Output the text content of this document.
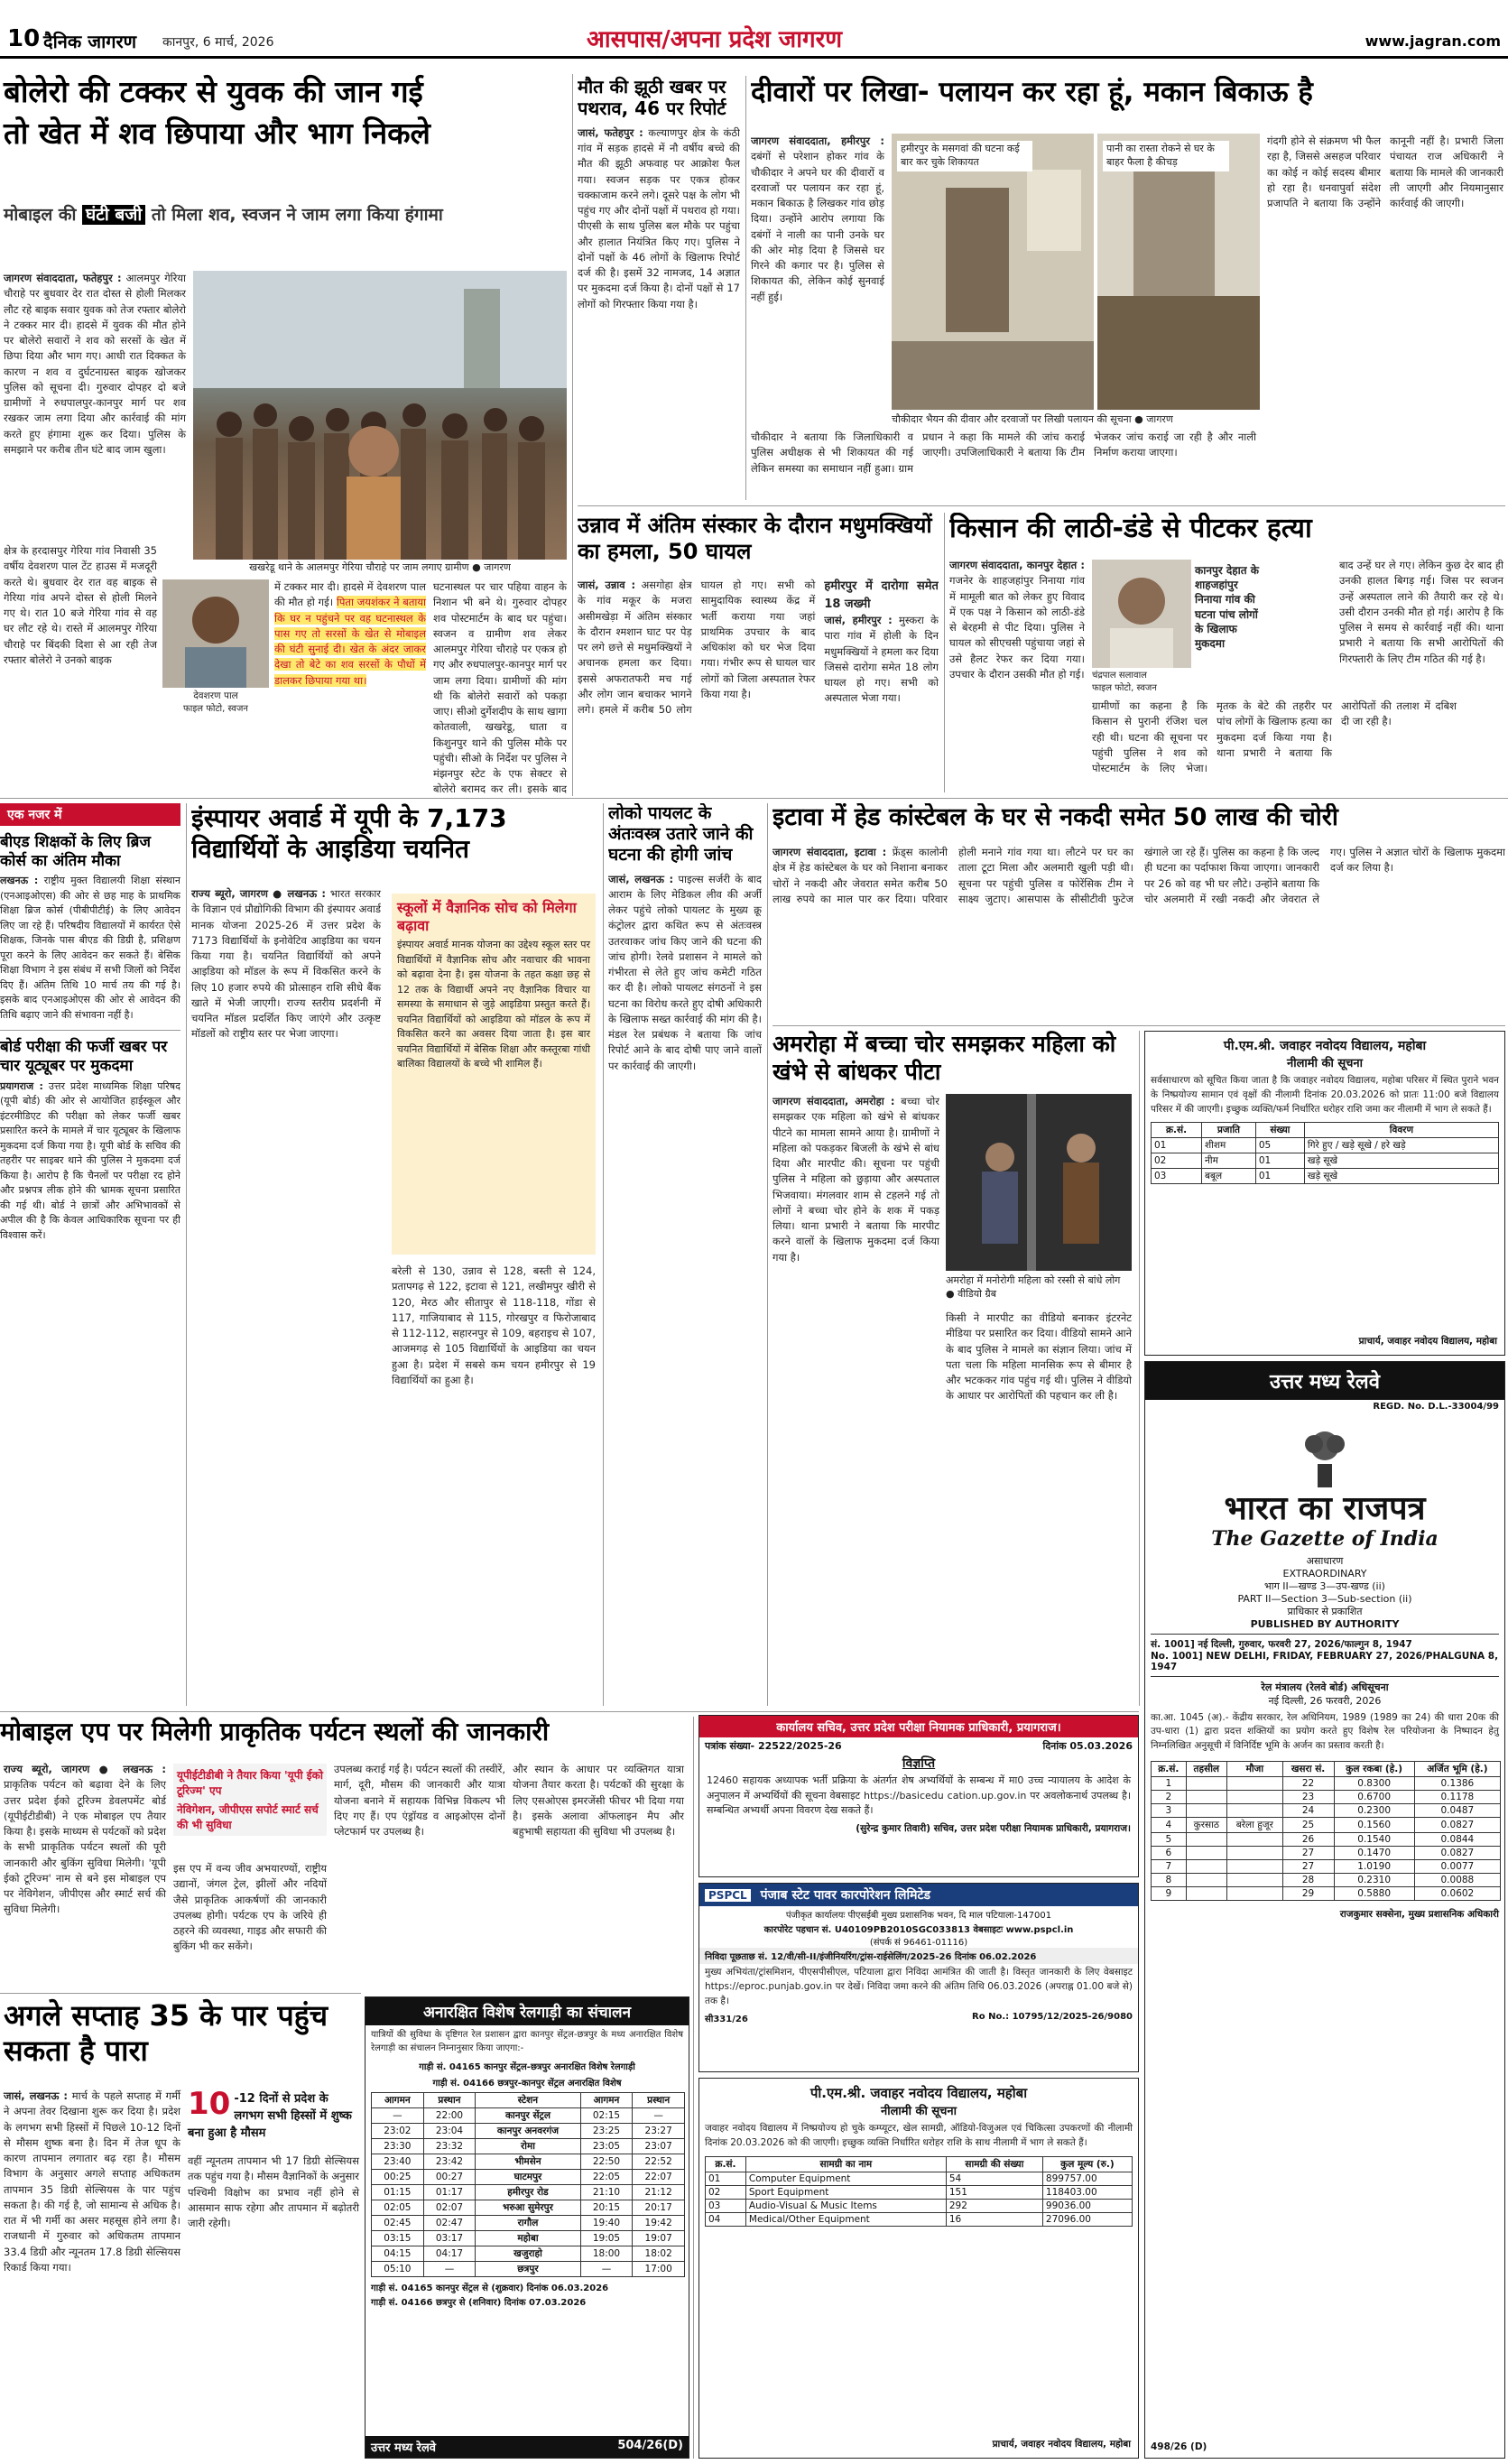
10 दैनिक जागरण कानपुर, 6 मार्च, 2026	आसपास/अपना प्रदेश जागरण	www.jagran.com
बोलेरो की टक्कर से युवक की जान गई
तो खेत में शव छिपाया और भाग निकले
मोबाइल की घंटी बजी तो मिला शव, स्वजन ने जाम लगा किया हंगामा
जागरण संवाददाता, फतेहपुर : आलमपुर गेरिया चौराहे पर बुधवार देर रात दोस्त से होली मिलकर लौट रहे बाइक सवार युवक को तेज रफ्तार बोलेरो ने टक्कर मार दी। हादसे में युवक की मौत होने पर बोलेरो सवारों ने शव को सरसों के खेत में छिपा दिया और भाग गए। आधी रात दिक्कत के कारण न शव व दुर्घटनाग्रस्त बाइक खोजकर पुलिस को सूचना दी। गुरुवार दोपहर दो बजे ग्रामीणों ने रुधपालपुर-कानपुर मार्ग पर शव रखकर जाम लगा दिया और कार्रवाई की मांग करते हुए हंगामा शुरू कर दिया। पुलिस के समझाने पर करीब तीन घंटे बाद जाम खुला।
खखरेडू थाने के आलमपुर गेरिया चौराहे पर जाम लगाए ग्रामीण ● जागरण
देवशरण पाल
फाइल फोटो, स्वजन
क्षेत्र के हरदासपुर गेरिया गांव निवासी 35 वर्षीय देवशरण पाल टेंट हाउस में मजदूरी करते थे। बुधवार देर रात वह बाइक से गेरिया गांव अपने दोस्त से होली मिलने गए थे। रात 10 बजे गेरिया गांव से वह घर लौट रहे थे। रास्ते में आलमपुर गेरिया चौराहे पर बिंदकी दिशा से आ रही तेज रफ्तार बोलेरो ने उनको बाइक
में टक्कर मार दी। हादसे में देवशरण पाल की मौत हो गई। पिता जयशंकर ने बताया कि घर न पहुंचने पर वह घटनास्थल के पास गए तो सरसों के खेत से मोबाइल की घंटी सुनाई दी। खेत के अंदर जाकर देखा तो बेटे का शव सरसों के पौधों में डालकर छिपाया गया था।
घटनास्थल पर चार पहिया वाहन के निशान भी बने थे। गुरुवार दोपहर शव पोस्टमार्टम के बाद घर पहुंचा। स्वजन व ग्रामीण शव लेकर आलमपुर गेरिया चौराहे पर एकत्र हो गए और रुधपालपुर-कानपुर मार्ग पर जाम लगा दिया। ग्रामीणों की मांग थी कि बोलेरो सवारों को पकड़ा जाए। सीओ दुर्गेशदीप के साथ खागा कोतवाली, खखरेडू, धाता व किशुनपुर थाने की पुलिस मौके पर पहुंची। सीओ के निर्देश पर पुलिस ने मंझनपुर स्टेट के एफ सेक्टर से बोलेरो बरामद कर ली। इसके बाद
मौत की झूठी खबर पर पथराव, 46 पर रिपोर्ट
जासं, फतेहपुर : कल्याणपुर क्षेत्र के कंठी गांव में सड़क हादसे में नौ वर्षीय बच्चे की मौत की झूठी अफवाह पर आक्रोश फैल गया। स्वजन सड़क पर एकत्र होकर चक्काजाम करने लगे। दूसरे पक्ष के लोग भी पहुंच गए और दोनों पक्षों में पथराव हो गया। पीएसी के साथ पुलिस बल मौके पर पहुंचा और हालात नियंत्रित किए गए। पुलिस ने दोनों पक्षों के 46 लोगों के खिलाफ रिपोर्ट दर्ज की है। इसमें 32 नामजद, 14 अज्ञात पर मुकदमा दर्ज किया है। दोनों पक्षों से 17 लोगों को गिरफ्तार किया गया है।
दीवारों पर लिखा- पलायन कर रहा हूं, मकान बिकाऊ है
जागरण संवाददाता, हमीरपुर : दबंगों से परेशान होकर गांव के चौकीदार ने अपने घर की दीवारों व दरवाजों पर पलायन कर रहा हूं, मकान बिकाऊ है लिखकर गांव छोड़ दिया। उन्होंने आरोप लगाया कि दबंगों ने नाली का पानी उनके घर की ओर मोड़ दिया है जिससे घर गिरने की कगार पर है। पुलिस से शिकायत की, लेकिन कोई सुनवाई नहीं हुई।
हमीरपुर के मसगवां की घटना कई बार कर चुके शिकायत
पानी का रास्ता रोकने से घर के बाहर फैला है कीचड़
चौकीदार भैयन की दीवार और दरवाजों पर लिखी पलायन की सूचना ● जागरण
चौकीदार ने बताया कि जिलाधिकारी व पुलिस अधीक्षक से भी शिकायत की गई लेकिन समस्या का समाधान नहीं हुआ। ग्राम प्रधान ने कहा कि मामले की जांच कराई जाएगी। उपजिलाधिकारी ने बताया कि टीम भेजकर जांच कराई जा रही है और नाली निर्माण कराया जाएगा।
गंदगी होने से संक्रमण भी फैल रहा है, जिससे असहज परिवार का कोई न कोई सदस्य बीमार हो रहा है। धनवापुर्वा संदेश प्रजापति ने बताया कि उन्होंने कानूनी नहीं है। प्रभारी जिला पंचायत राज अधिकारी ने बताया कि मामले की जानकारी ली जाएगी और नियमानुसार कार्रवाई की जाएगी।
उन्नाव में अंतिम संस्कार के दौरान मधुमक्खियों का हमला, 50 घायल
जासं, उन्नाव : असगोहा क्षेत्र के गांव मकूर के मजरा असीमखेड़ा में अंतिम संस्कार के दौरान श्मशान घाट पर पेड़ पर लगे छत्ते से मधुमक्खियों ने अचानक हमला कर दिया। इससे अफरातफरी मच गई और लोग जान बचाकर भागने लगे। हमले में करीब 50 लोग घायल हो गए। सभी को सामुदायिक स्वास्थ्य केंद्र में भर्ती कराया गया जहां प्राथमिक उपचार के बाद अधिकांश को घर भेज दिया गया। गंभीर रूप से घायल चार लोगों को जिला अस्पताल रेफर किया गया है।
हमीरपुर में दारोगा समेत 18 जख्मी
जासं, हमीरपुर : मुस्करा के पारा गांव में होली के दिन मधुमक्खियों ने हमला कर दिया जिससे दारोगा समेत 18 लोग घायल हो गए। सभी को अस्पताल भेजा गया।
किसान की लाठी-डंडे से पीटकर हत्या
जागरण संवाददाता, कानपुर देहात : गजनेर के शाहजहांपुर निनाया गांव में मामूली बात को लेकर हुए विवाद में एक पक्ष ने किसान को लाठी-डंडे से बेरहमी से पीट दिया। पुलिस ने घायल को सीएचसी पहुंचाया जहां से उसे हैलट रेफर कर दिया गया। उपचार के दौरान उसकी मौत हो गई। चंद्रपाल सलावाल
फाइल फोटो, स्वजन
कानपुर देहात के शाहजहांपुर निनाया गांव की घटना पांच लोगों के खिलाफ मुकदमा
ग्रामीणों का कहना है कि किसान से पुरानी रंजिश चल रही थी। घटना की सूचना पर पहुंची पुलिस ने शव को पोस्टमार्टम के लिए भेजा। मृतक के बेटे की तहरीर पर पांच लोगों के खिलाफ हत्या का मुकदमा दर्ज किया गया है। थाना प्रभारी ने बताया कि आरोपितों की तलाश में दबिश दी जा रही है।
बाद उन्हें घर ले गए। लेकिन कुछ देर बाद ही उनकी हालत बिगड़ गई। जिस पर स्वजन उन्हें अस्पताल लाने की तैयारी कर रहे थे। उसी दौरान उनकी मौत हो गई। आरोप है कि पुलिस ने समय से कार्रवाई नहीं की। थाना प्रभारी ने बताया कि सभी आरोपितों की गिरफ्तारी के लिए टीम गठित की गई है।
एक नजर में
बीएड शिक्षकों के लिए ब्रिज कोर्स का अंतिम मौका
लखनऊ : राष्ट्रीय मुक्त विद्यालयी शिक्षा संस्थान (एनआइओएस) की ओर से छह माह के प्राथमिक शिक्षा ब्रिज कोर्स (पीबीपीटीई) के लिए आवेदन लिए जा रहे हैं। परिषदीय विद्यालयों में कार्यरत ऐसे शिक्षक, जिनके पास बीएड की डिग्री है, प्रशिक्षण पूरा करने के लिए आवेदन कर सकते हैं। बेसिक शिक्षा विभाग ने इस संबंध में सभी जिलों को निर्देश दिए हैं। अंतिम तिथि 10 मार्च तय की गई है। इसके बाद एनआइओएस की ओर से आवेदन की तिथि बढ़ाए जाने की संभावना नहीं है।
बोर्ड परीक्षा की फर्जी खबर पर चार यूट्यूबर पर मुकदमा
प्रयागराज : उत्तर प्रदेश माध्यमिक शिक्षा परिषद (यूपी बोर्ड) की ओर से आयोजित हाईस्कूल और इंटरमीडिएट की परीक्षा को लेकर फर्जी खबर प्रसारित करने के मामले में चार यूट्यूबर के खिलाफ मुकदमा दर्ज किया गया है। यूपी बोर्ड के सचिव की तहरीर पर साइबर थाने की पुलिस ने मुकदमा दर्ज किया है। आरोप है कि चैनलों पर परीक्षा रद होने और प्रश्नपत्र लीक होने की भ्रामक सूचना प्रसारित की गई थी। बोर्ड ने छात्रों और अभिभावकों से अपील की है कि केवल आधिकारिक सूचना पर ही विश्वास करें।
इंस्पायर अवार्ड में यूपी के 7,173 विद्यार्थियों के आइडिया चयनित
राज्य ब्यूरो, जागरण ● लखनऊ : भारत सरकार के विज्ञान एवं प्रौद्योगिकी विभाग की इंस्पायर अवार्ड मानक योजना 2025-26 में उत्तर प्रदेश के 7173 विद्यार्थियों के इनोवेटिव आइडिया का चयन किया गया है। चयनित विद्यार्थियों को अपने आइडिया को मॉडल के रूप में विकसित करने के लिए 10 हजार रुपये की प्रोत्साहन राशि सीधे बैंक खाते में भेजी जाएगी। राज्य स्तरीय प्रदर्शनी में चयनित मॉडल प्रदर्शित किए जाएंगे और उत्कृष्ट मॉडलों को राष्ट्रीय स्तर पर भेजा जाएगा।
स्कूलों में वैज्ञानिक सोच को मिलेगा बढ़ावा
इंस्पायर अवार्ड मानक योजना का उद्देश्य स्कूल स्तर पर विद्यार्थियों में वैज्ञानिक सोच और नवाचार की भावना को बढ़ावा देना है। इस योजना के तहत कक्षा छह से 12 तक के विद्यार्थी अपने नए वैज्ञानिक विचार या समस्या के समाधान से जुड़े आइडिया प्रस्तुत करते हैं। चयनित विद्यार्थियों को आइडिया को मॉडल के रूप में विकसित करने का अवसर दिया जाता है। इस बार चयनित विद्यार्थियों में बेसिक शिक्षा और कस्तूरबा गांधी बालिका विद्यालयों के बच्चे भी शामिल हैं।
बरेली से 130, उन्नाव से 128, बस्ती से 124, प्रतापगढ़ से 122, इटावा से 121, लखीमपुर खीरी से 120, मेरठ और सीतापुर से 118-118, गोंडा से 117, गाजियाबाद से 115, गोरखपुर व फिरोजाबाद से 112-112, सहारनपुर से 109, बहराइच से 107, आजमगढ़ से 105 विद्यार्थियों के आइडिया का चयन हुआ है। प्रदेश में सबसे कम चयन हमीरपुर से 19 विद्यार्थियों का हुआ है।
लोको पायलट के अंतःवस्त्र उतारे जाने की घटना की होगी जांच
जासं, लखनऊ : पाइल्स सर्जरी के बाद आराम के लिए मेडिकल लीव की अर्जी लेकर पहुंचे लोको पायलट के मुख्य क्रू कंट्रोलर द्वारा कथित रूप से अंतःवस्त्र उतरवाकर जांच किए जाने की घटना की जांच होगी। रेलवे प्रशासन ने मामले को गंभीरता से लेते हुए जांच कमेटी गठित कर दी है। लोको पायलट संगठनों ने इस घटना का विरोध करते हुए दोषी अधिकारी के खिलाफ सख्त कार्रवाई की मांग की है। मंडल रेल प्रबंधक ने बताया कि जांच रिपोर्ट आने के बाद दोषी पाए जाने वालों पर कार्रवाई की जाएगी।
इटावा में हेड कांस्टेबल के घर से नकदी समेत 50 लाख की चोरी
जागरण संवाददाता, इटावा : फ्रेंड्स कालोनी क्षेत्र में हेड कांस्टेबल के घर को निशाना बनाकर चोरों ने नकदी और जेवरात समेत करीब 50 लाख रुपये का माल पार कर दिया। परिवार होली मनाने गांव गया था। लौटने पर घर का ताला टूटा मिला और अलमारी खुली पड़ी थी। सूचना पर पहुंची पुलिस व फोरेंसिक टीम ने साक्ष्य जुटाए। आसपास के सीसीटीवी फुटेज खंगाले जा रहे हैं। पुलिस का कहना है कि जल्द ही घटना का पर्दाफाश किया जाएगा। जानकारी पर 26 को वह भी घर लौटे। उन्होंने बताया कि चोर अलमारी में रखी नकदी और जेवरात ले गए। पुलिस ने अज्ञात चोरों के खिलाफ मुकदमा दर्ज कर लिया है।
अमरोहा में बच्चा चोर समझकर महिला को खंभे से बांधकर पीटा
जागरण संवाददाता, अमरोहा : बच्चा चोर समझकर एक महिला को खंभे से बांधकर पीटने का मामला सामने आया है। ग्रामीणों ने महिला को पकड़कर बिजली के खंभे से बांध दिया और मारपीट की। सूचना पर पहुंची पुलिस ने महिला को छुड़ाया और अस्पताल भिजवाया। मंगलवार शाम से टहलने गई तो लोगों ने बच्चा चोर होने के शक में पकड़ लिया। थाना प्रभारी ने बताया कि मारपीट करने वालों के खिलाफ मुकदमा दर्ज किया गया है।
अमरोहा में मनोरोगी महिला को रस्सी से बांधे लोग ● वीडियो ग्रैब
किसी ने मारपीट का वीडियो बनाकर इंटरनेट मीडिया पर प्रसारित कर दिया। वीडियो सामने आने के बाद पुलिस ने मामले का संज्ञान लिया। जांच में पता चला कि महिला मानसिक रूप से बीमार है और भटककर गांव पहुंच गई थी। पुलिस ने वीडियो के आधार पर आरोपितों की पहचान कर ली है।
पी.एम.श्री. जवाहर नवोदय विद्यालय, महोबा
नीलामी की सूचना
सर्वसाधारण को सूचित किया जाता है कि जवाहर नवोदय विद्यालय, महोबा परिसर में स्थित पुराने भवन के निष्प्रयोज्य सामान एवं वृक्षों की नीलामी दिनांक 20.03.2026 को प्रातः 11:00 बजे विद्यालय परिसर में की जाएगी। इच्छुक व्यक्ति/फर्म निर्धारित धरोहर राशि जमा कर नीलामी में भाग ले सकते हैं।
क्र.सं.	प्रजाति	संख्या	विवरण
01	शीशम	05	गिरे हुए / खड़े सूखे / हरे खड़े
02	नीम	01	खड़े सूखे
03	बबूल	01	खड़े सूखे
प्राचार्य, जवाहर नवोदय विद्यालय, महोबा
उत्तर मध्य रेलवे
REGD. No. D.L.-33004/99
भारत का राजपत्र
The Gazette of India
असाधारण
EXTRAORDINARY
भाग II—खण्ड 3—उप-खण्ड (ii)
PART II—Section 3—Sub-section (ii)
प्राधिकार से प्रकाशित
PUBLISHED BY AUTHORITY
सं. 1001] नई दिल्ली, गुरुवार, फरवरी 27, 2026/फाल्गुन 8, 1947
No. 1001] NEW DELHI, FRIDAY, FEBRUARY 27, 2026/PHALGUNA 8, 1947
रेल मंत्रालय (रेलवे बोर्ड) अधिसूचना
नई दिल्ली, 26 फरवरी, 2026
का.आ. 1045 (अ).- केंद्रीय सरकार, रेल अधिनियम, 1989 (1989 का 24) की धारा 20क की उप-धारा (1) द्वारा प्रदत्त शक्तियों का प्रयोग करते हुए विशेष रेल परियोजना के निष्पादन हेतु निम्नलिखित अनुसूची में विनिर्दिष्ट भूमि के अर्जन का प्रस्ताव करती है।
क्र.सं.	तहसील	मौजा	खसरा सं.	कुल रकबा (हे.)	अर्जित भूमि (हे.)
1			22	0.8300	0.1386
2			23	0.6700	0.1178
3			24	0.2300	0.0487
4	कुरसाठ	बरेला हुजूर	25	0.1560	0.0827
5			26	0.1540	0.0844
6			27	0.1470	0.0827
7			27	1.0190	0.0077
8			28	0.2310	0.0088
9			29	0.5880	0.0602
राजकुमार सक्सेना, मुख्य प्रशासनिक अधिकारी
498/26 (D)
मोबाइल एप पर मिलेगी प्राकृतिक पर्यटन स्थलों की जानकारी
राज्य ब्यूरो, जागरण ● लखनऊ : प्राकृतिक पर्यटन को बढ़ावा देने के लिए उत्तर प्रदेश ईको टूरिज्म डेवलपमेंट बोर्ड (यूपीईटीडीबी) ने एक मोबाइल एप तैयार किया है। इसके माध्यम से पर्यटकों को प्रदेश के सभी प्राकृतिक पर्यटन स्थलों की पूरी जानकारी और बुकिंग सुविधा मिलेगी। 'यूपी ईको टूरिज्म' नाम से बने इस मोबाइल एप पर नेविगेशन, जीपीएस और स्मार्ट सर्च की सुविधा मिलेगी।
यूपीईटीडीबी ने तैयार किया 'यूपी ईको टूरिज्म' एप
नेविगेशन, जीपीएस सपोर्ट स्मार्ट सर्च की भी सुविधा
इस एप में वन्य जीव अभयारण्यों, राष्ट्रीय उद्यानों, जंगल ट्रेल, झीलों और नदियों जैसे प्राकृतिक आकर्षणों की जानकारी उपलब्ध होगी। पर्यटक एप के जरिये ही ठहरने की व्यवस्था, गाइड और सफारी की बुकिंग भी कर सकेंगे।
उपलब्ध कराई गई है। पर्यटन स्थलों की तस्वीरें, मार्ग, दूरी, मौसम की जानकारी और यात्रा योजना बनाने में सहायक विभिन्न विकल्प भी दिए गए हैं। एप एंड्रॉयड व आइओएस दोनों प्लेटफार्म पर उपलब्ध है।
और स्थान के आधार पर व्यक्तिगत यात्रा योजना तैयार करता है। पर्यटकों की सुरक्षा के लिए एसओएस इमरजेंसी फीचर भी दिया गया है। इसके अलावा ऑफलाइन मैप और बहुभाषी सहायता की सुविधा भी उपलब्ध है।
अगले सप्ताह 35 के पार पहुंच सकता है पारा
जासं, लखनऊ : मार्च के पहले सप्ताह में गर्मी ने अपना तेवर दिखाना शुरू कर दिया है। प्रदेश के लगभग सभी हिस्सों में पिछले 10-12 दिनों से मौसम शुष्क बना है। दिन में तेज धूप के कारण तापमान लगातार बढ़ रहा है। मौसम विभाग के अनुसार अगले सप्ताह अधिकतम तापमान 35 डिग्री सेल्सियस के पार पहुंच सकता है। की गई है, जो सामान्य से अधिक है। रात में भी गर्मी का असर महसूस होने लगा है। राजधानी में गुरुवार को अधिकतम तापमान 33.4 डिग्री और न्यूनतम 17.8 डिग्री सेल्सियस रिकार्ड किया गया।
10 -12 दिनों से प्रदेश के लगभग सभी हिस्सों में शुष्क बना हुआ है मौसम
वहीं न्यूनतम तापमान भी 17 डिग्री सेल्सियस तक पहुंच गया है। मौसम वैज्ञानिकों के अनुसार पश्चिमी विक्षोभ का प्रभाव नहीं होने से आसमान साफ रहेगा और तापमान में बढ़ोतरी जारी रहेगी।
अनारक्षित विशेष रेलगाड़ी का संचालन
यात्रियों की सुविधा के दृष्टिगत रेल प्रशासन द्वारा कानपुर सेंट्रल-छत्रपुर के मध्य अनारक्षित विशेष रेलगाड़ी का संचालन निम्नानुसार किया जाएगा:-
गाड़ी सं. 04165 कानपुर सेंट्रल-छत्रपुर अनारक्षित विशेष रेलगाड़ी
गाड़ी सं. 04166 छत्रपुर-कानपुर सेंट्रल अनारक्षित विशेष
आगमन	प्रस्थान	स्टेशन	आगमन	प्रस्थान
—	22:00	कानपुर सेंट्रल	02:15	—
23:02	23:04	कानपुर अनवरगंज	23:25	23:27
23:30	23:32	रोमा	23:05	23:07
23:40	23:42	भीमसेन	22:50	22:52
00:25	00:27	घाटमपुर	22:05	22:07
01:15	01:17	हमीरपुर रोड	21:10	21:12
02:05	02:07	भरुआ सुमेरपुर	20:15	20:17
02:45	02:47	रागौल	19:40	19:42
03:15	03:17	महोबा	19:05	19:07
04:15	04:17	खजुराहो	18:00	18:02
05:10	—	छत्रपुर	—	17:00
गाड़ी सं. 04165 कानपुर सेंट्रल से (शुक्रवार) दिनांक 06.03.2026
गाड़ी सं. 04166 छत्रपुर से (शनिवार) दिनांक 07.03.2026
उत्तर मध्य रेलवे	504/26(D)
कार्यालय सचिव, उत्तर प्रदेश परीक्षा नियामक प्राधिकारी, प्रयागराज।
पत्रांक संख्या- 22522/2025-26	दिनांक 05.03.2026
विज्ञप्ति
12460 सहायक अध्यापक भर्ती प्रक्रिया के अंतर्गत शेष अभ्यर्थियों के सम्बन्ध में मा0 उच्च न्यायालय के आदेश के अनुपालन में अभ्यर्थियों की सूचना वेबसाइट https://basicedu cation.up.gov.in पर अवलोकनार्थ उपलब्ध है। सम्बन्धित अभ्यर्थी अपना विवरण देख सकते हैं।
(सुरेन्द्र कुमार तिवारी) सचिव, उत्तर प्रदेश परीक्षा नियामक प्राधिकारी, प्रयागराज।
PSPCL पंजाब स्टेट पावर कारपोरेशन लिमिटेड
पंजीकृत कार्यालयः पीएसईबी मुख्य प्रशासनिक भवन, दि माल पटियाला-147001
कारपोरेट पहचान सं. U40109PB2010SGC033813 वेबसाइटः www.pspcl.in
(संपर्क सं 96461-01116)
निविदा पूछताछ सं. 12/वी/सी-II/इंजीनियरिंग/ट्रांस-राईसेलिंग/2025-26 दिनांक 06.02.2026
मुख्य अभियंता/ट्रांसमिशन, पीएसपीसीएल, पटियाला द्वारा निविदा आमंत्रित की जाती है। विस्तृत जानकारी के लिए वेबसाइट https://eproc.punjab.gov.in पर देखें। निविदा जमा करने की अंतिम तिथि 06.03.2026 (अपराह्न 01.00 बजे से) तक है।
सी331/26	Ro No.: 10795/12/2025-26/9080
पी.एम.श्री. जवाहर नवोदय विद्यालय, महोबा
नीलामी की सूचना
जवाहर नवोदय विद्यालय में निष्प्रयोज्य हो चुके कम्प्यूटर, खेल सामग्री, ऑडियो-विजुअल एवं चिकित्सा उपकरणों की नीलामी दिनांक 20.03.2026 को की जाएगी। इच्छुक व्यक्ति निर्धारित धरोहर राशि के साथ नीलामी में भाग ले सकते हैं।
क्र.सं.	सामग्री का नाम	सामग्री की संख्या	कुल मूल्य (रु.)
01	Computer Equipment	54	899757.00
02	Sport Equipment	151	118403.00
03	Audio-Visual & Music Items	292	99036.00
04	Medical/Other Equipment	16	27096.00
प्राचार्य, जवाहर नवोदय विद्यालय, महोबा
